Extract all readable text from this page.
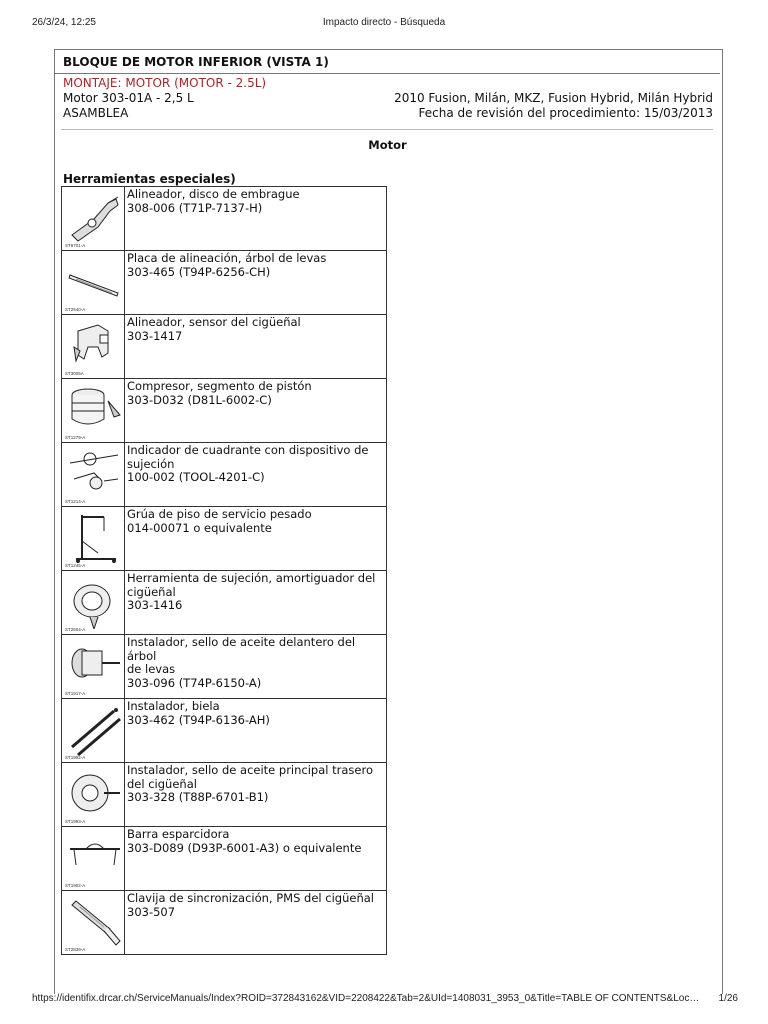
26/3/24, 12:25	Impacto directo - Búsqueda
BLOQUE DE MOTOR INFERIOR (VISTA 1)
MONTAJE: MOTOR (MOTOR - 2.5L)
Motor 303-01A - 2,5 L	2010 Fusion, Milán, MKZ, Fusion Hybrid, Milán Hybrid
ASAMBLEA	Fecha de revisión del procedimiento: 15/03/2013
Motor
Herramientas especiales)
ST6701-A	Alineador, disco de embrague
308-006 (T71P-7137-H)

ST2540-A	Placa de alineación, árbol de levas
303-465 (T94P-6256-CH)

ST3005A	Alineador, sensor del cigüeñal
303-1417

ST1279-A	Compresor, segmento de pistón
303-D032 (D81L-6002-C)

ST1214-A	Indicador de cuadrante con dispositivo de
sujeción
100-002 (TOOL-4201-C)

ST1245-A	Grúa de piso de servicio pesado
014-00071 o equivalente

ST2604-A	Herramienta de sujeción, amortiguador del
cigüeñal
303-1416

ST1917-A	Instalador, sello de aceite delantero del árbol
de levas
303-096 (T74P-6150-A)

ST1992-A	Instalador, biela
303-462 (T94P-6136-AH)

ST1993-A	Instalador, sello de aceite principal trasero
del cigüeñal
303-328 (T88P-6701-B1)

ST1902-A	Barra esparcidora
303-D089 (D93P-6001-A3) o equivalente

ST2839-A	Clavija de sincronización, PMS del cigüeñal
303-507
https://identifix.drcar.ch/ServiceManuals/Index?ROID=372843162&VID=2208422&Tab=2&UId=1408031_3953_0&Title=TABLE OF CONTENTS&Loc…	1/26
